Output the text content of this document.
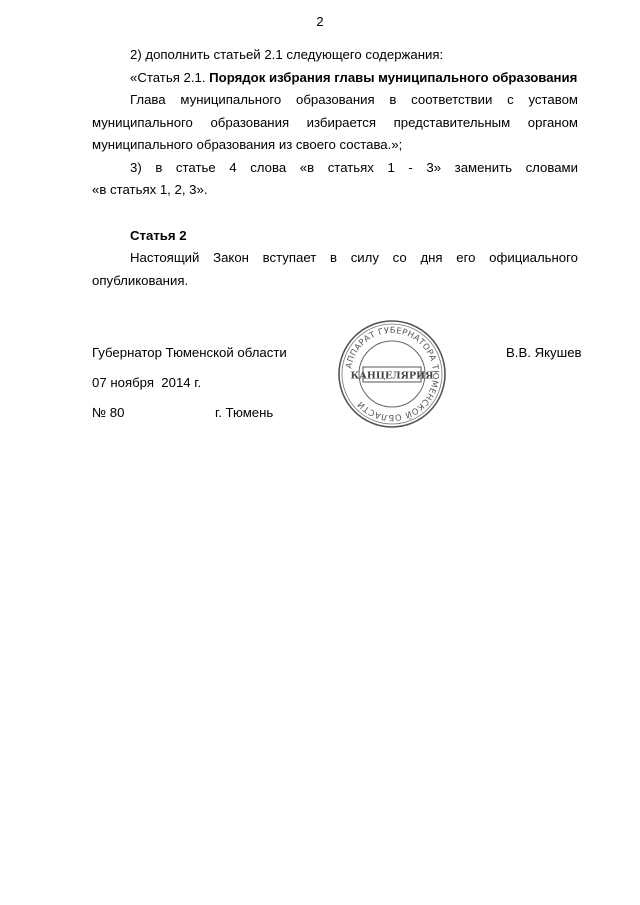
2

2) дополнить статьей 2.1 следующего содержания:

«Статья 2.1. Порядок избрания главы муниципального образования

Глава муниципального образования в соответствии с уставом

муниципального образования избирается представительным органом

муниципального образования из своего состава.»;

3) в статье 4 слова «в статьях 1 - 3» заменить словами

«в статьях 1, 2, 3».

Статья 2

Настоящий Закон вступает в силу со дня его официального

опубликования.

Губернатор Тюменской области	В.В. Якушев
07 ноября  2014 г.
№ 80	г. Тюмень
АППАРАТ ГУБЕРНАТОРА ТЮМЕНСКОЙ ОБЛАСТИ
КАНЦЕЛЯРИЯ
